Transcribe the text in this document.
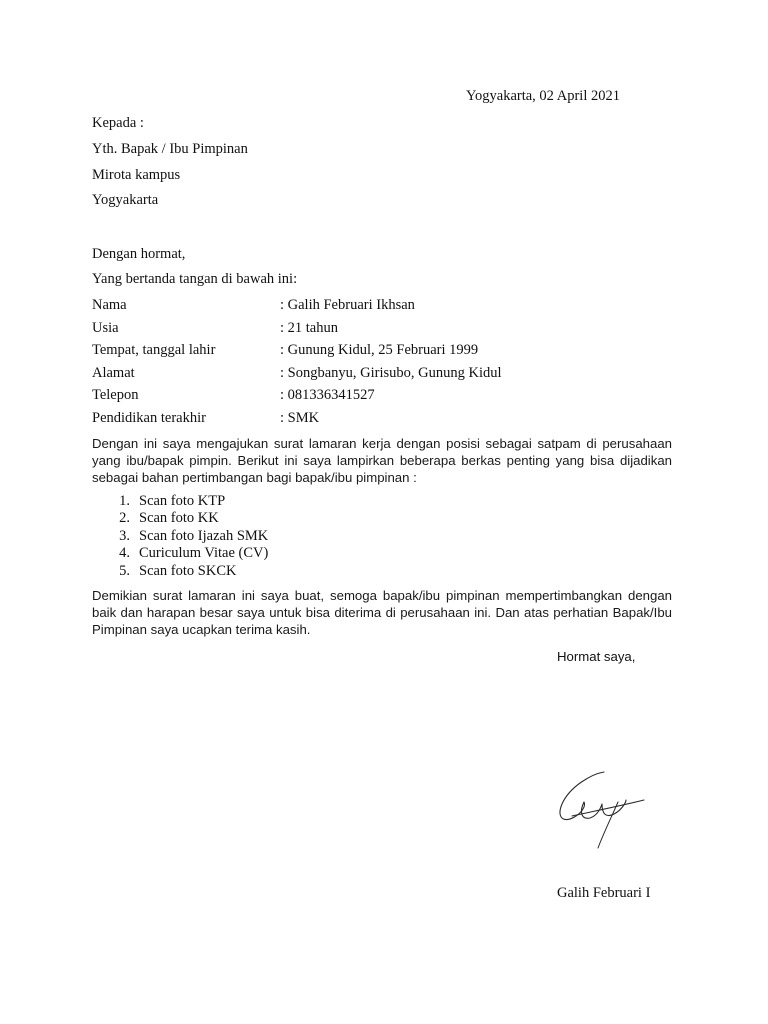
Yogyakarta, 02 April 2021
Kepada :
Yth. Bapak / Ibu Pimpinan
Mirota kampus
Yogyakarta
Dengan hormat,
Yang bertanda tangan di bawah ini:
Nama	: Galih Februari Ikhsan
Usia	: 21 tahun
Tempat, tanggal lahir	: Gunung Kidul, 25 Februari 1999
Alamat	: Songbanyu, Girisubo, Gunung Kidul
Telepon	: 081336341527
Pendidikan terakhir	: SMK
Dengan ini saya mengajukan surat lamaran kerja dengan posisi sebagai satpam di perusahaan yang ibu/bapak pimpin. Berikut ini saya lampirkan beberapa berkas penting yang bisa dijadikan sebagai bahan pertimbangan bagi bapak/ibu pimpinan :
1. Scan foto KTP
2. Scan foto KK
3. Scan foto Ijazah SMK
4. Curiculum Vitae (CV)
5. Scan foto SKCK
Demikian surat lamaran ini saya buat, semoga bapak/ibu pimpinan mempertimbangkan dengan baik dan harapan besar saya untuk bisa diterima di perusahaan ini. Dan atas perhatian Bapak/Ibu Pimpinan saya ucapkan terima kasih.
Hormat saya,
Galih Februari I
